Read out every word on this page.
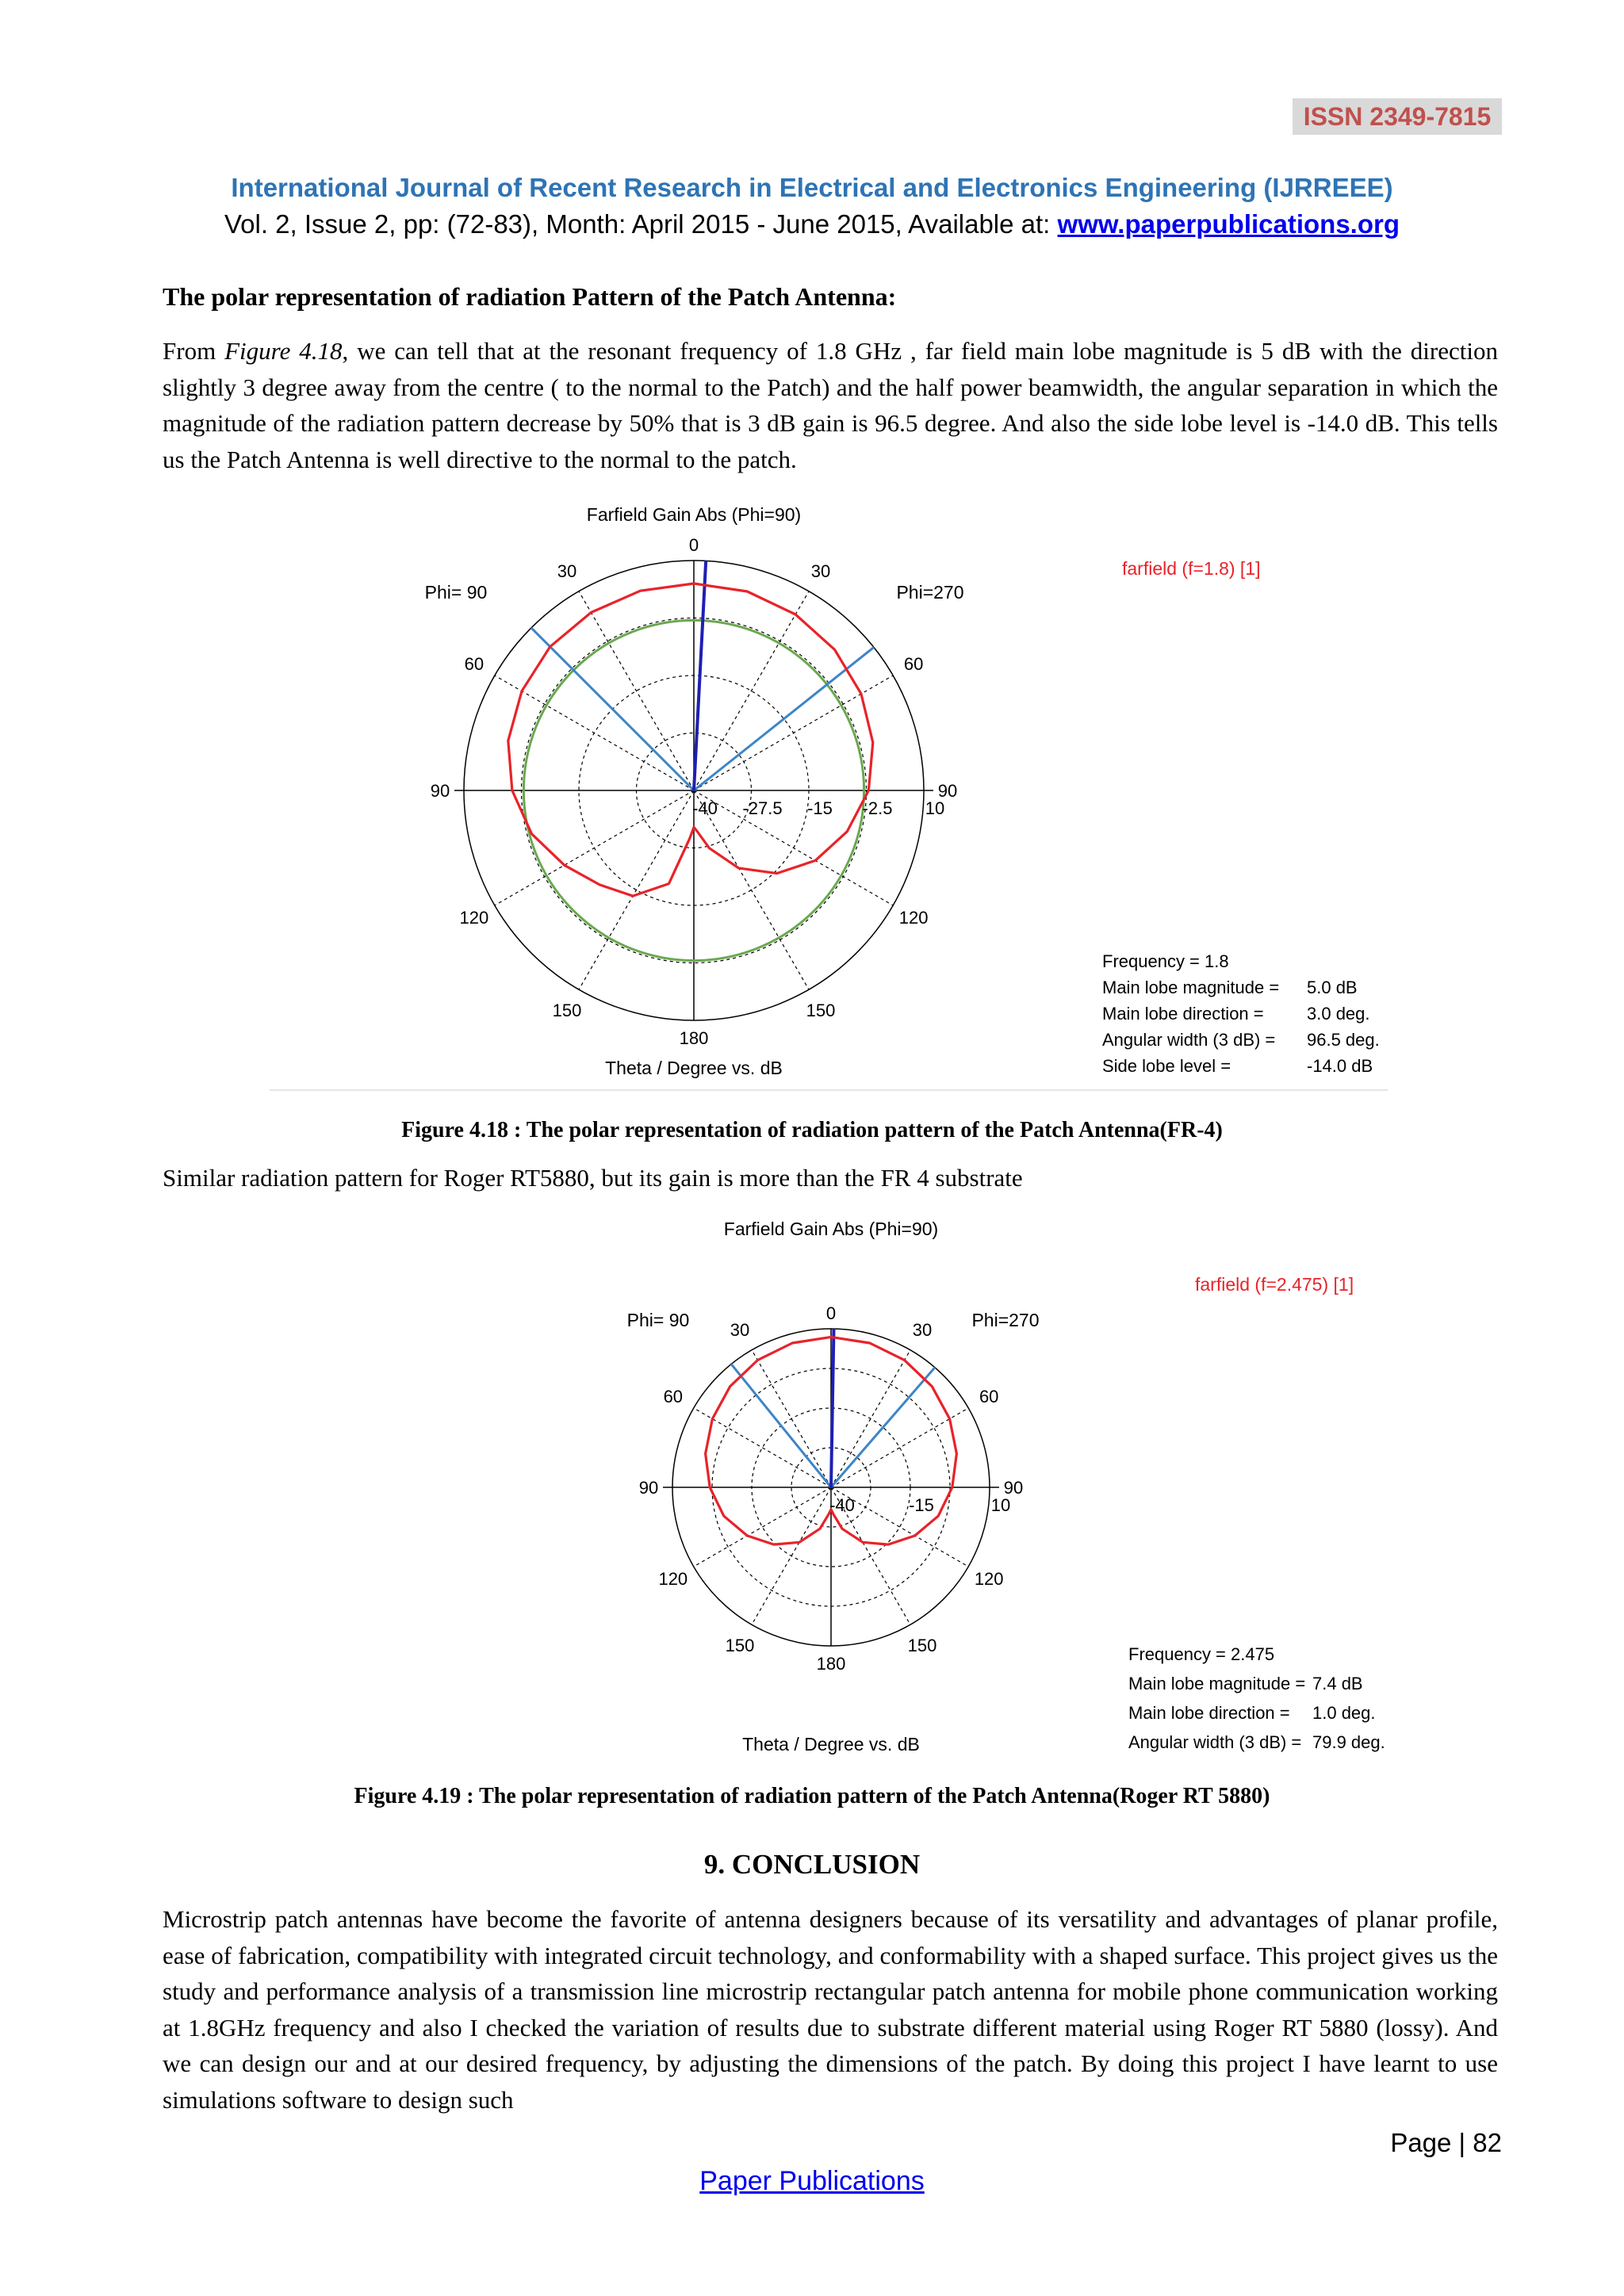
ISSN 2349-7815
International Journal of Recent Research in Electrical and Electronics Engineering (IJRREEE)
Vol. 2, Issue 2, pp: (72-83), Month: April 2015 - June 2015, Available at: www.paperpublications.org
The polar representation of radiation Pattern of the Patch Antenna:
From Figure 4.18, we can tell that at the resonant frequency of 1.8 GHz , far field main lobe magnitude is 5 dB with the direction slightly 3 degree away from the centre ( to the normal to the Patch) and the half power beamwidth, the angular separation in which the magnitude of the radiation pattern decrease by 50% that is 3 dB gain is 96.5 degree. And also the side lobe level is -14.0 dB. This tells us the Patch Antenna is well directive to the normal to the patch.
30	30
60	60
90	90
120	120
150	150
0
180
-40 -27.5 -15 -2.5 10
Farfield Gain Abs (Phi=90)
Theta / Degree vs. dB
Phi= 90	Phi=270
farfield (f=1.8) [1]
Frequency = 1.8
Main lobe magnitude = 5.0 dB
Main lobe direction = 3.0 deg.
Angular width (3 dB) = 96.5 deg.
Side lobe level =	-14.0 dB
Figure 4.18 : The polar representation of radiation pattern of the Patch Antenna(FR-4)
Similar radiation pattern for Roger RT5880, but its gain is more than the FR 4 substrate
30	30
60	60
90	90
120	120
150	150
0
180
-40	-15	10
Farfield Gain Abs (Phi=90)
Theta / Degree vs. dB
Phi= 90	Phi=270
farfield (f=2.475) [1]
Frequency = 2.475
Main lobe magnitude = 7.4 dB
Main lobe direction = 1.0 deg.
Angular width (3 dB) = 79.9 deg.
Figure 4.19 : The polar representation of radiation pattern of the Patch Antenna(Roger RT 5880)
9. CONCLUSION
Microstrip patch antennas have become the favorite of antenna designers because of its versatility and advantages of planar profile, ease of fabrication, compatibility with integrated circuit technology, and conformability with a shaped surface. This project gives us the study and performance analysis of a transmission line microstrip rectangular patch antenna for mobile phone communication working at 1.8GHz frequency and also I checked the variation of results due to substrate different material using Roger RT 5880 (lossy). And we can design our and at our desired frequency, by adjusting the dimensions of the patch. By doing this project I have learnt to use simulations software to design such
Page | 82
Paper Publications
